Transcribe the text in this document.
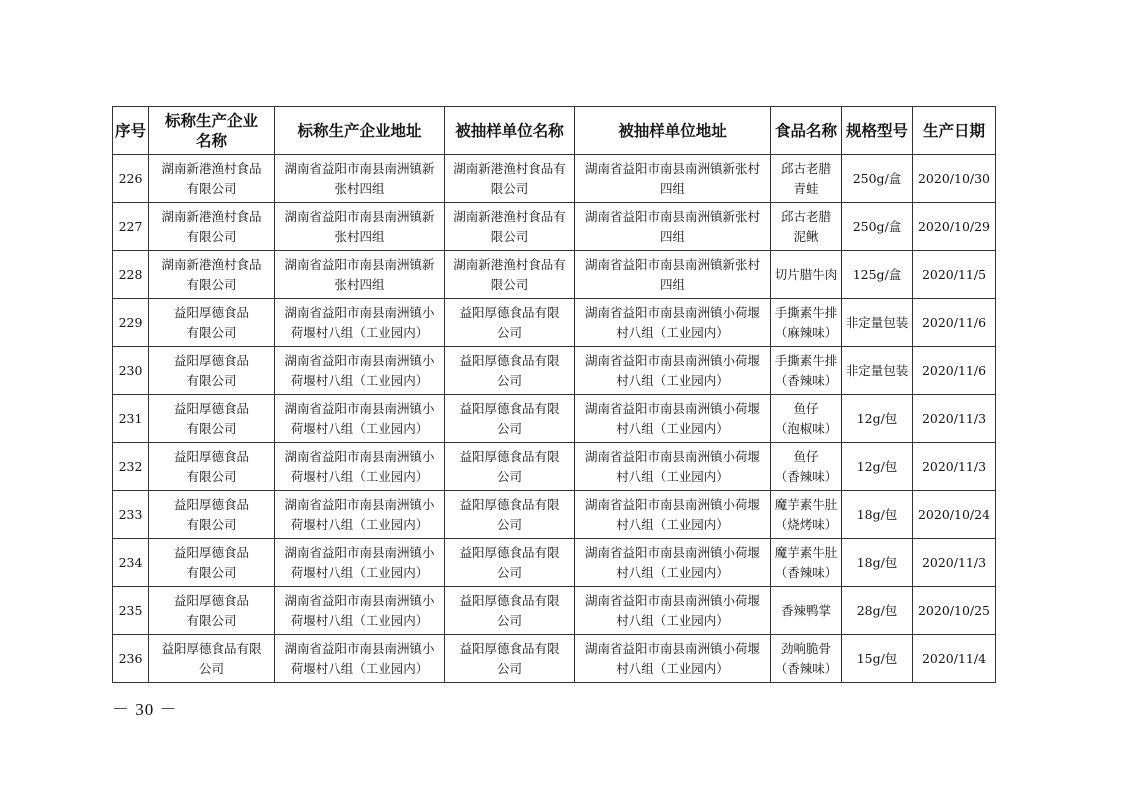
序号	标称生产企业
名称	标称生产企业地址	被抽样单位名称	被抽样单位地址	食品名称	规格型号	生产日期

226	湖南新港渔村食品
有限公司	湖南省益阳市南县南洲镇新
张村四组	湖南新港渔村食品有
限公司	湖南省益阳市南县南洲镇新张村
四组	邱古老腊
青蛙	250g/盒	2020/10/30

227	湖南新港渔村食品
有限公司	湖南省益阳市南县南洲镇新
张村四组	湖南新港渔村食品有
限公司	湖南省益阳市南县南洲镇新张村
四组	邱古老腊
泥鳅	250g/盒	2020/10/29

228	湖南新港渔村食品
有限公司	湖南省益阳市南县南洲镇新
张村四组	湖南新港渔村食品有
限公司	湖南省益阳市南县南洲镇新张村
四组	切片腊牛肉	125g/盒	2020/11/5

229	益阳厚德食品
有限公司	湖南省益阳市南县南洲镇小
荷堰村八组（工业园内）	益阳厚德食品有限
公司	湖南省益阳市南县南洲镇小荷堰
村八组（工业园内）	手撕素牛排
（麻辣味）	非定量包装	2020/11/6

230	益阳厚德食品
有限公司	湖南省益阳市南县南洲镇小
荷堰村八组（工业园内）	益阳厚德食品有限
公司	湖南省益阳市南县南洲镇小荷堰
村八组（工业园内）	手撕素牛排
（香辣味）	非定量包装	2020/11/6

231	益阳厚德食品
有限公司	湖南省益阳市南县南洲镇小
荷堰村八组（工业园内）	益阳厚德食品有限
公司	湖南省益阳市南县南洲镇小荷堰
村八组（工业园内）	鱼仔
（泡椒味）	12g/包	2020/11/3

232	益阳厚德食品
有限公司	湖南省益阳市南县南洲镇小
荷堰村八组（工业园内）	益阳厚德食品有限
公司	湖南省益阳市南县南洲镇小荷堰
村八组（工业园内）	鱼仔
（香辣味）	12g/包	2020/11/3

233	益阳厚德食品
有限公司	湖南省益阳市南县南洲镇小
荷堰村八组（工业园内）	益阳厚德食品有限
公司	湖南省益阳市南县南洲镇小荷堰
村八组（工业园内）	魔芋素牛肚
（烧烤味）	18g/包	2020/10/24

234	益阳厚德食品
有限公司	湖南省益阳市南县南洲镇小
荷堰村八组（工业园内）	益阳厚德食品有限
公司	湖南省益阳市南县南洲镇小荷堰
村八组（工业园内）	魔芋素牛肚
（香辣味）	18g/包	2020/11/3

235	益阳厚德食品
有限公司	湖南省益阳市南县南洲镇小
荷堰村八组（工业园内）	益阳厚德食品有限
公司	湖南省益阳市南县南洲镇小荷堰
村八组（工业园内）	香辣鸭掌	28g/包	2020/10/25

236	益阳厚德食品有限
公司	湖南省益阳市南县南洲镇小
荷堰村八组（工业园内）	益阳厚德食品有限
公司	湖南省益阳市南县南洲镇小荷堰
村八组（工业园内）	劲响脆骨
（香辣味）	15g/包	2020/11/4
－ 30 －
